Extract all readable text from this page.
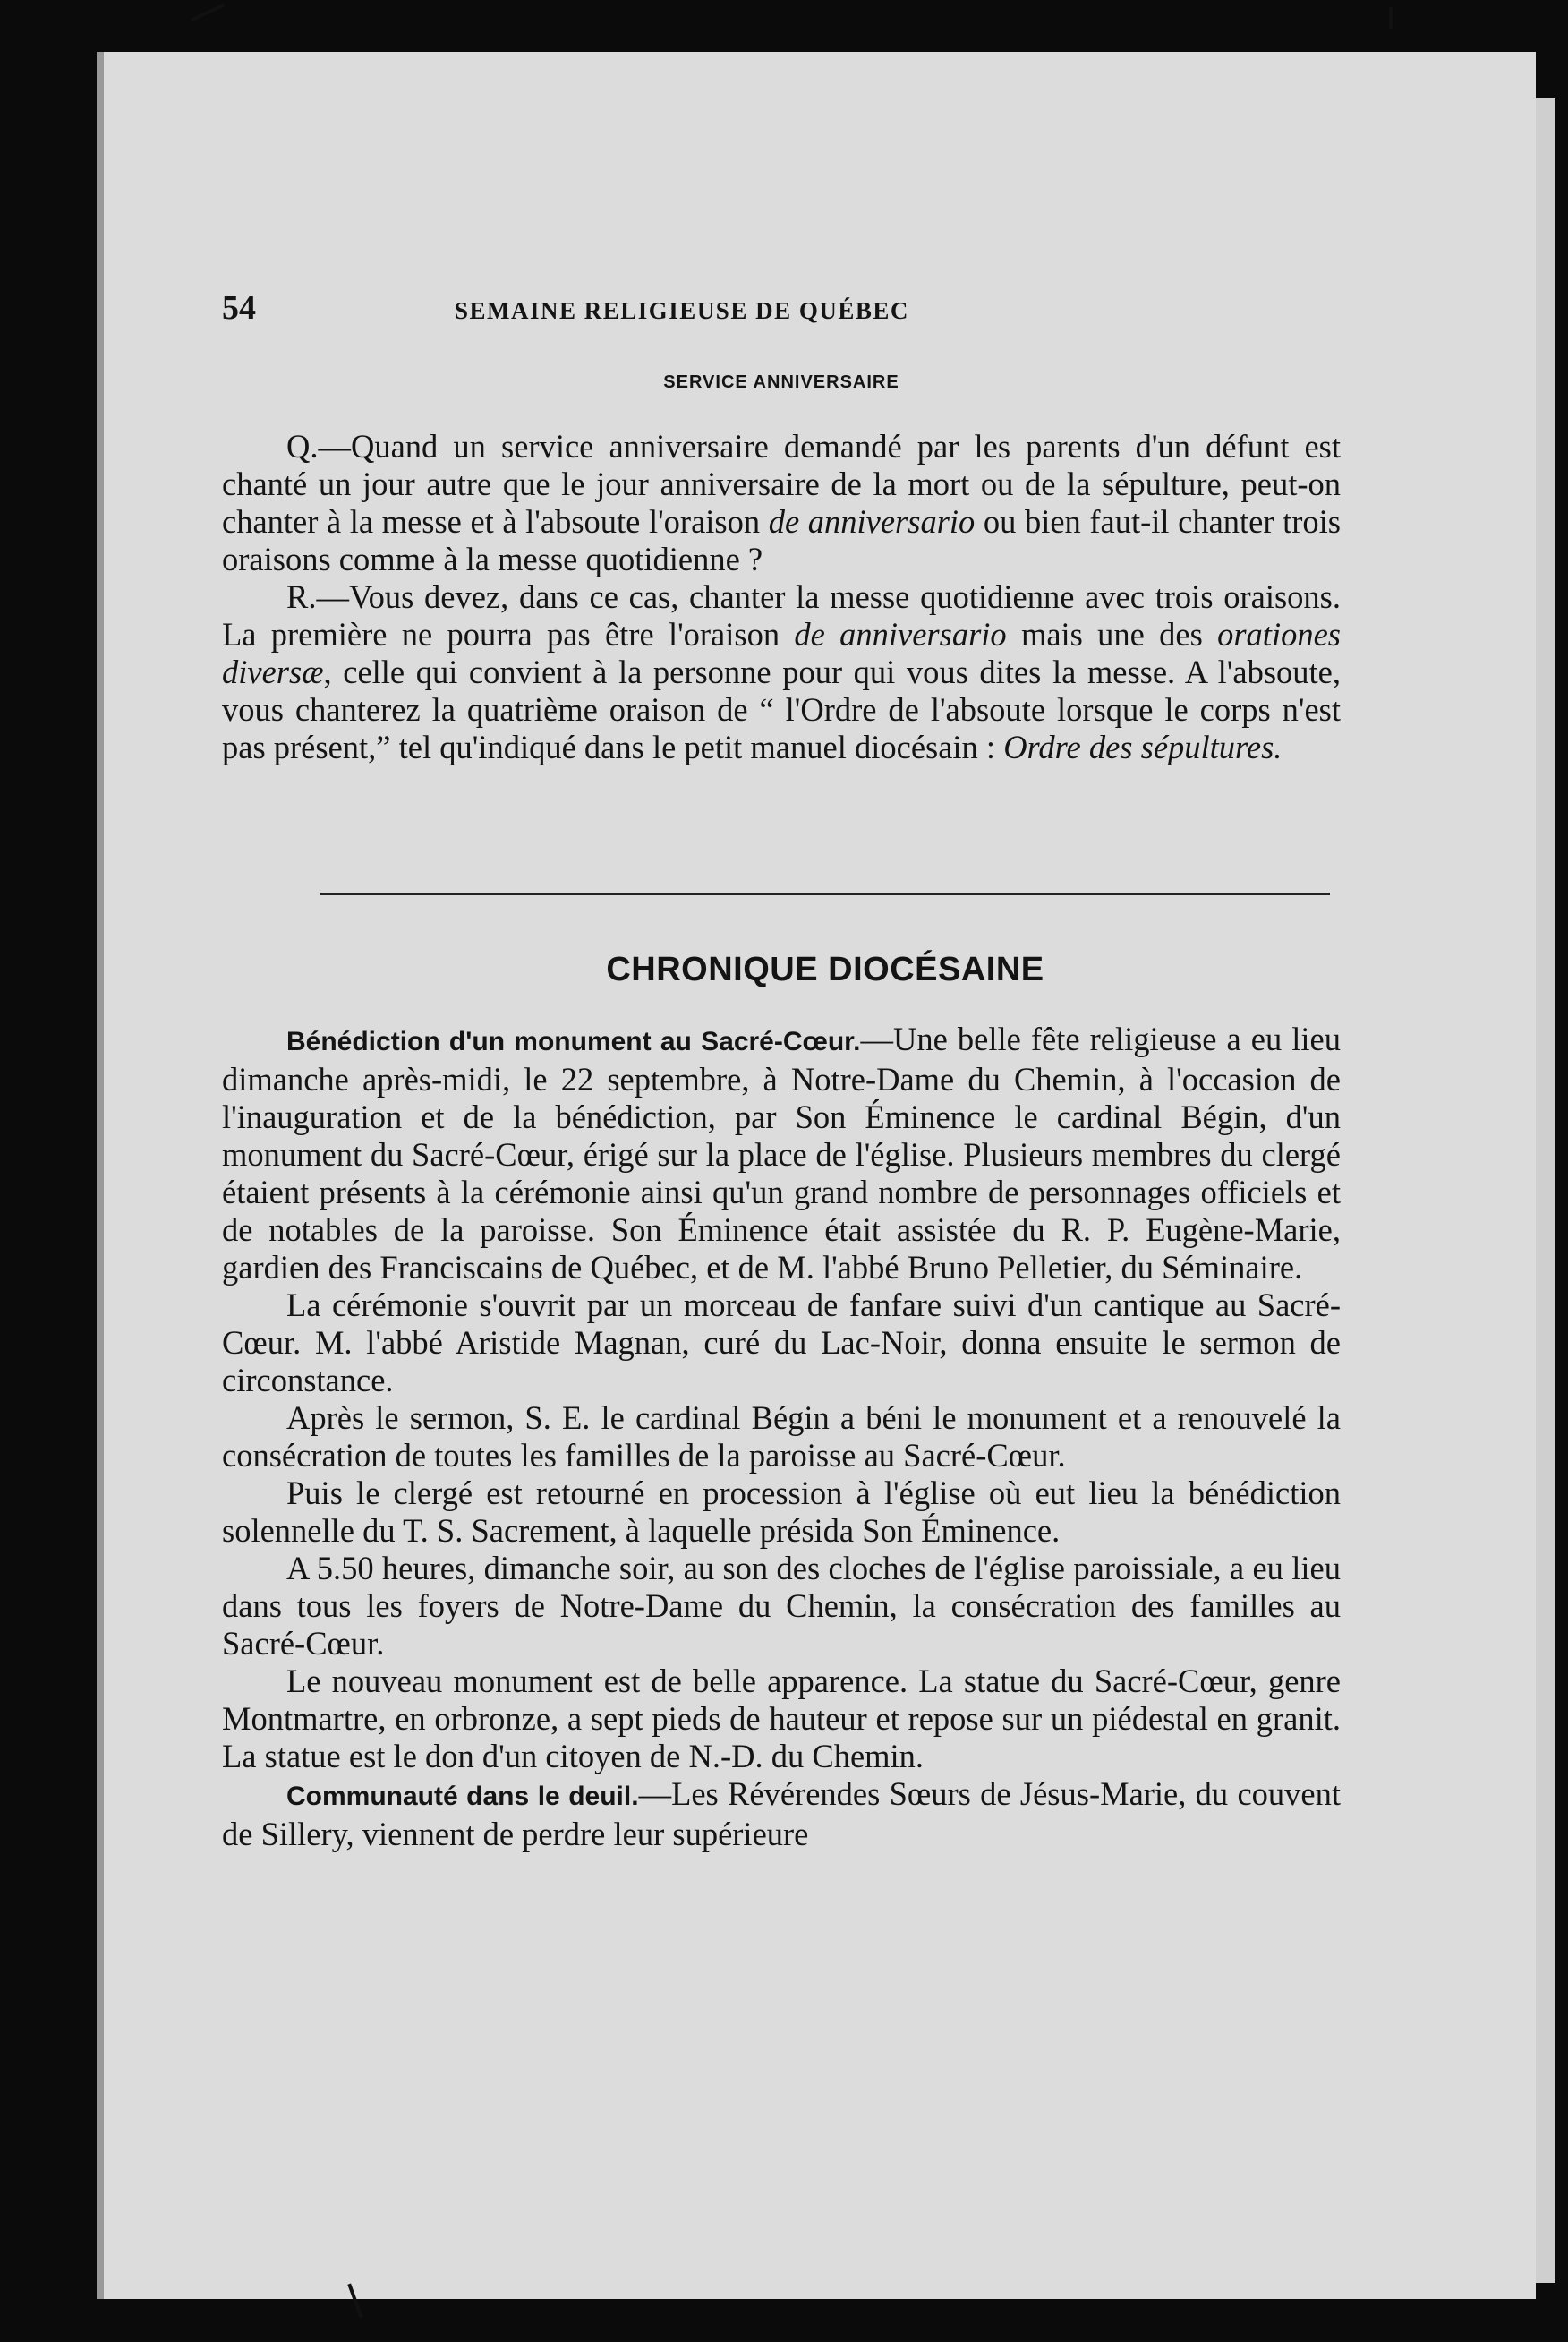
54	SEMAINE RELIGIEUSE DE QUÉBEC
SERVICE ANNIVERSAIRE

Q.—Quand un service anniversaire demandé par les parents d'un défunt est chanté un jour autre que le jour anniversaire de la mort ou de la sépulture, peut-on chanter à la messe et à l'absoute l'oraison de anniversario ou bien faut-il chanter trois oraisons comme à la messe quotidienne ?

R.—Vous devez, dans ce cas, chanter la messe quotidienne avec trois oraisons. La première ne pourra pas être l'oraison de anniversario mais une des orationes diversæ, celle qui convient à la personne pour qui vous dites la messe. A l'absoute, vous chanterez la quatrième oraison de “ l'Ordre de l'absoute lorsque le corps n'est pas présent,” tel qu'indiqué dans le petit manuel diocésain : Ordre des sépultures.

CHRONIQUE DIOCÉSAINE

Bénédiction d'un monument au Sacré-Cœur.—Une belle fête religieuse a eu lieu dimanche après-midi, le 22 septembre, à Notre-Dame du Chemin, à l'occasion de l'inauguration et de la bénédiction, par Son Éminence le cardinal Bégin, d'un monument du Sacré-Cœur, érigé sur la place de l'église. Plusieurs membres du clergé étaient présents à la cérémonie ainsi qu'un grand nombre de personnages officiels et de notables de la paroisse. Son Éminence était assistée du R. P. Eugène-Marie, gardien des Franciscains de Québec, et de M. l'abbé Bruno Pelletier, du Séminaire.

La cérémonie s'ouvrit par un morceau de fanfare suivi d'un cantique au Sacré-Cœur. M. l'abbé Aristide Magnan, curé du Lac-Noir, donna ensuite le sermon de circonstance.

Après le sermon, S. E. le cardinal Bégin a béni le monument et a renouvelé la consécration de toutes les familles de la paroisse au Sacré-Cœur.

Puis le clergé est retourné en procession à l'église où eut lieu la bénédiction solennelle du T. S. Sacrement, à laquelle présida Son Éminence.

A 5.50 heures, dimanche soir, au son des cloches de l'église paroissiale, a eu lieu dans tous les foyers de Notre-Dame du Chemin, la consécration des familles au Sacré-Cœur.

Le nouveau monument est de belle apparence. La statue du Sacré-Cœur, genre Montmartre, en orbronze, a sept pieds de hauteur et repose sur un piédestal en granit. La statue est le don d'un citoyen de N.-D. du Chemin.

Communauté dans le deuil.—Les Révérendes Sœurs de Jésus-Marie, du couvent de Sillery, viennent de perdre leur supérieure
